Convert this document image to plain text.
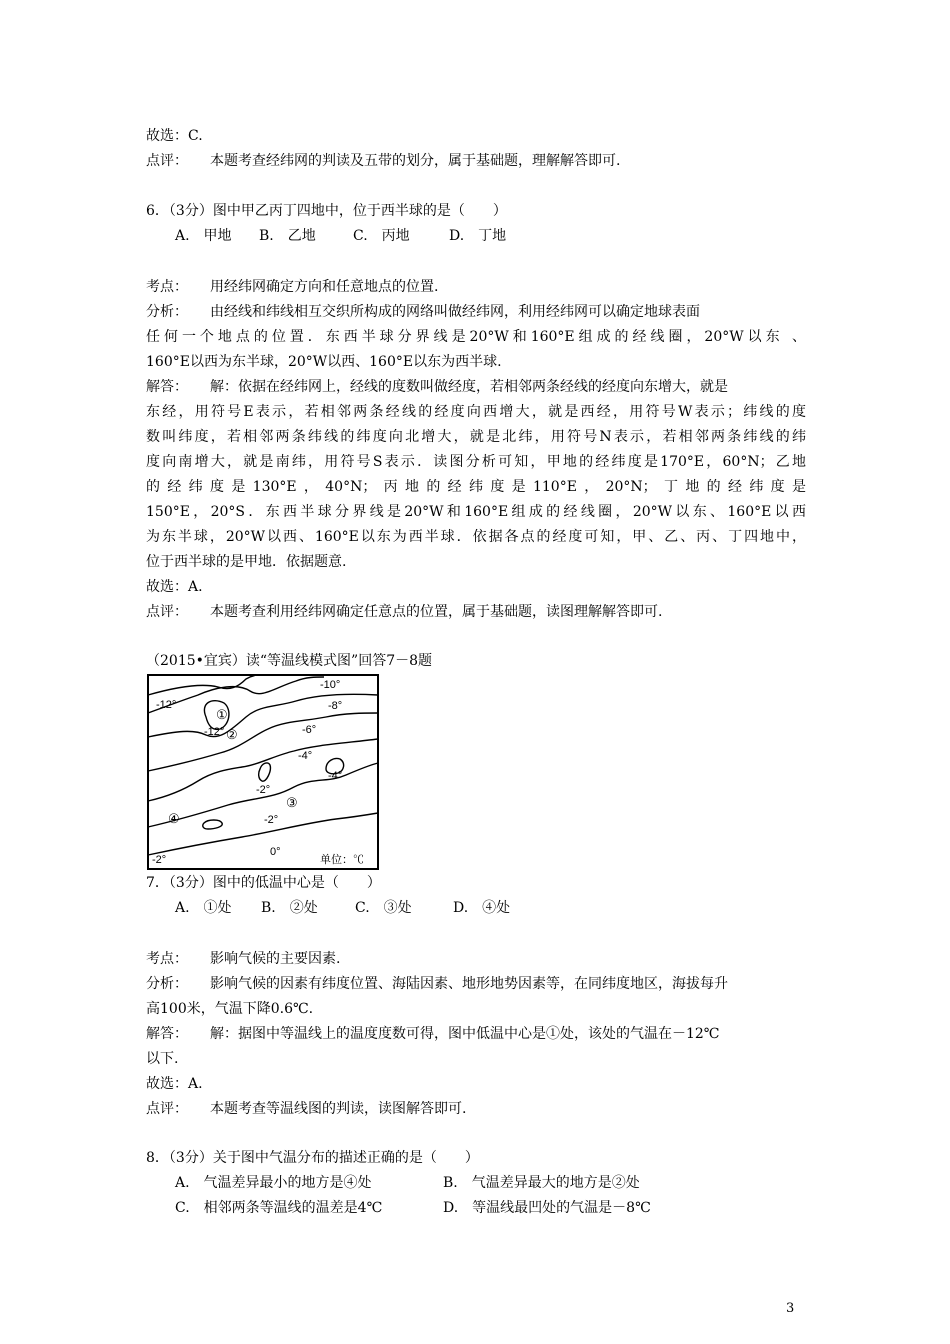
故选：C.
点评： 本题考查经纬网的判读及五带的划分，属于基础题，理解解答即可.
6．（3分）图中甲乙丙丁四地中，位于西半球的是（　　）
A.　甲地 B.　乙地	C.　丙地	D.　丁地
考点： 用经纬网确定方向和任意地点的位置.
分析： 由经线和纬线相互交织所构成的网络叫做经纬网，利用经纬网可以确定地球表面
任何一个地点的位置．东西半球分界线是20°W和160°E组成的经线圈，20°W以东 、
160°E以西为东半球，20°W以西、160°E以东为西半球.
解答： 解：依据在经纬网上，经线的度数叫做经度，若相邻两条经线的经度向东增大，就是
东经，用符号E表示，若相邻两条经线的经度向西增大，就是西经，用符号W表示；纬线的度
数叫纬度，若相邻两条纬线的纬度向北增大，就是北纬，用符号N表示，若相邻两条纬线的纬
度向南增大，就是南纬，用符号S表示．读图分析可知，甲地的经纬度是170°E，60°N；乙地
的经纬度是130°E，40°N；丙地的经纬度是110°E，20°N；丁地的经纬度是
150°E，20°S．东西半球分界线是20°W和160°E组成的经线圈，20°W以东、160°E以西
为东半球，20°W以西、160°E以东为西半球．依据各点的经度可知，甲、乙、丙、丁四地中，
位于西半球的是甲地．依据题意.
故选：A.
点评： 本题考查利用经纬网确定任意点的位置，属于基础题，读图理解解答即可.
（2015•宜宾）读“等温线模式图”回答7－8题
-10°
-12°
-12°
-8°
-6°
-4°
-4°
-2°
-2°
-2°
0°
①
②
③
④
单位：℃
7．（3分）图中的低温中心是（　　）
A.　①处 B.　②处	C.　③处	D.　④处
考点： 影响气候的主要因素.
分析： 影响气候的因素有纬度位置、海陆因素、地形地势因素等，在同纬度地区，海拔每升
高100米，气温下降0.6℃.
解答： 解：据图中等温线上的温度度数可得，图中低温中心是①处，该处的气温在－12℃
以下.
故选：A.
点评： 本题考查等温线图的判读，读图解答即可.
8．（3分）关于图中气温分布的描述正确的是（　　）
A.　气温差异最小的地方是④处	B.　气温差异最大的地方是②处
C.　相邻两条等温线的温差是4℃	D.　等温线最凹处的气温是－8℃
3
